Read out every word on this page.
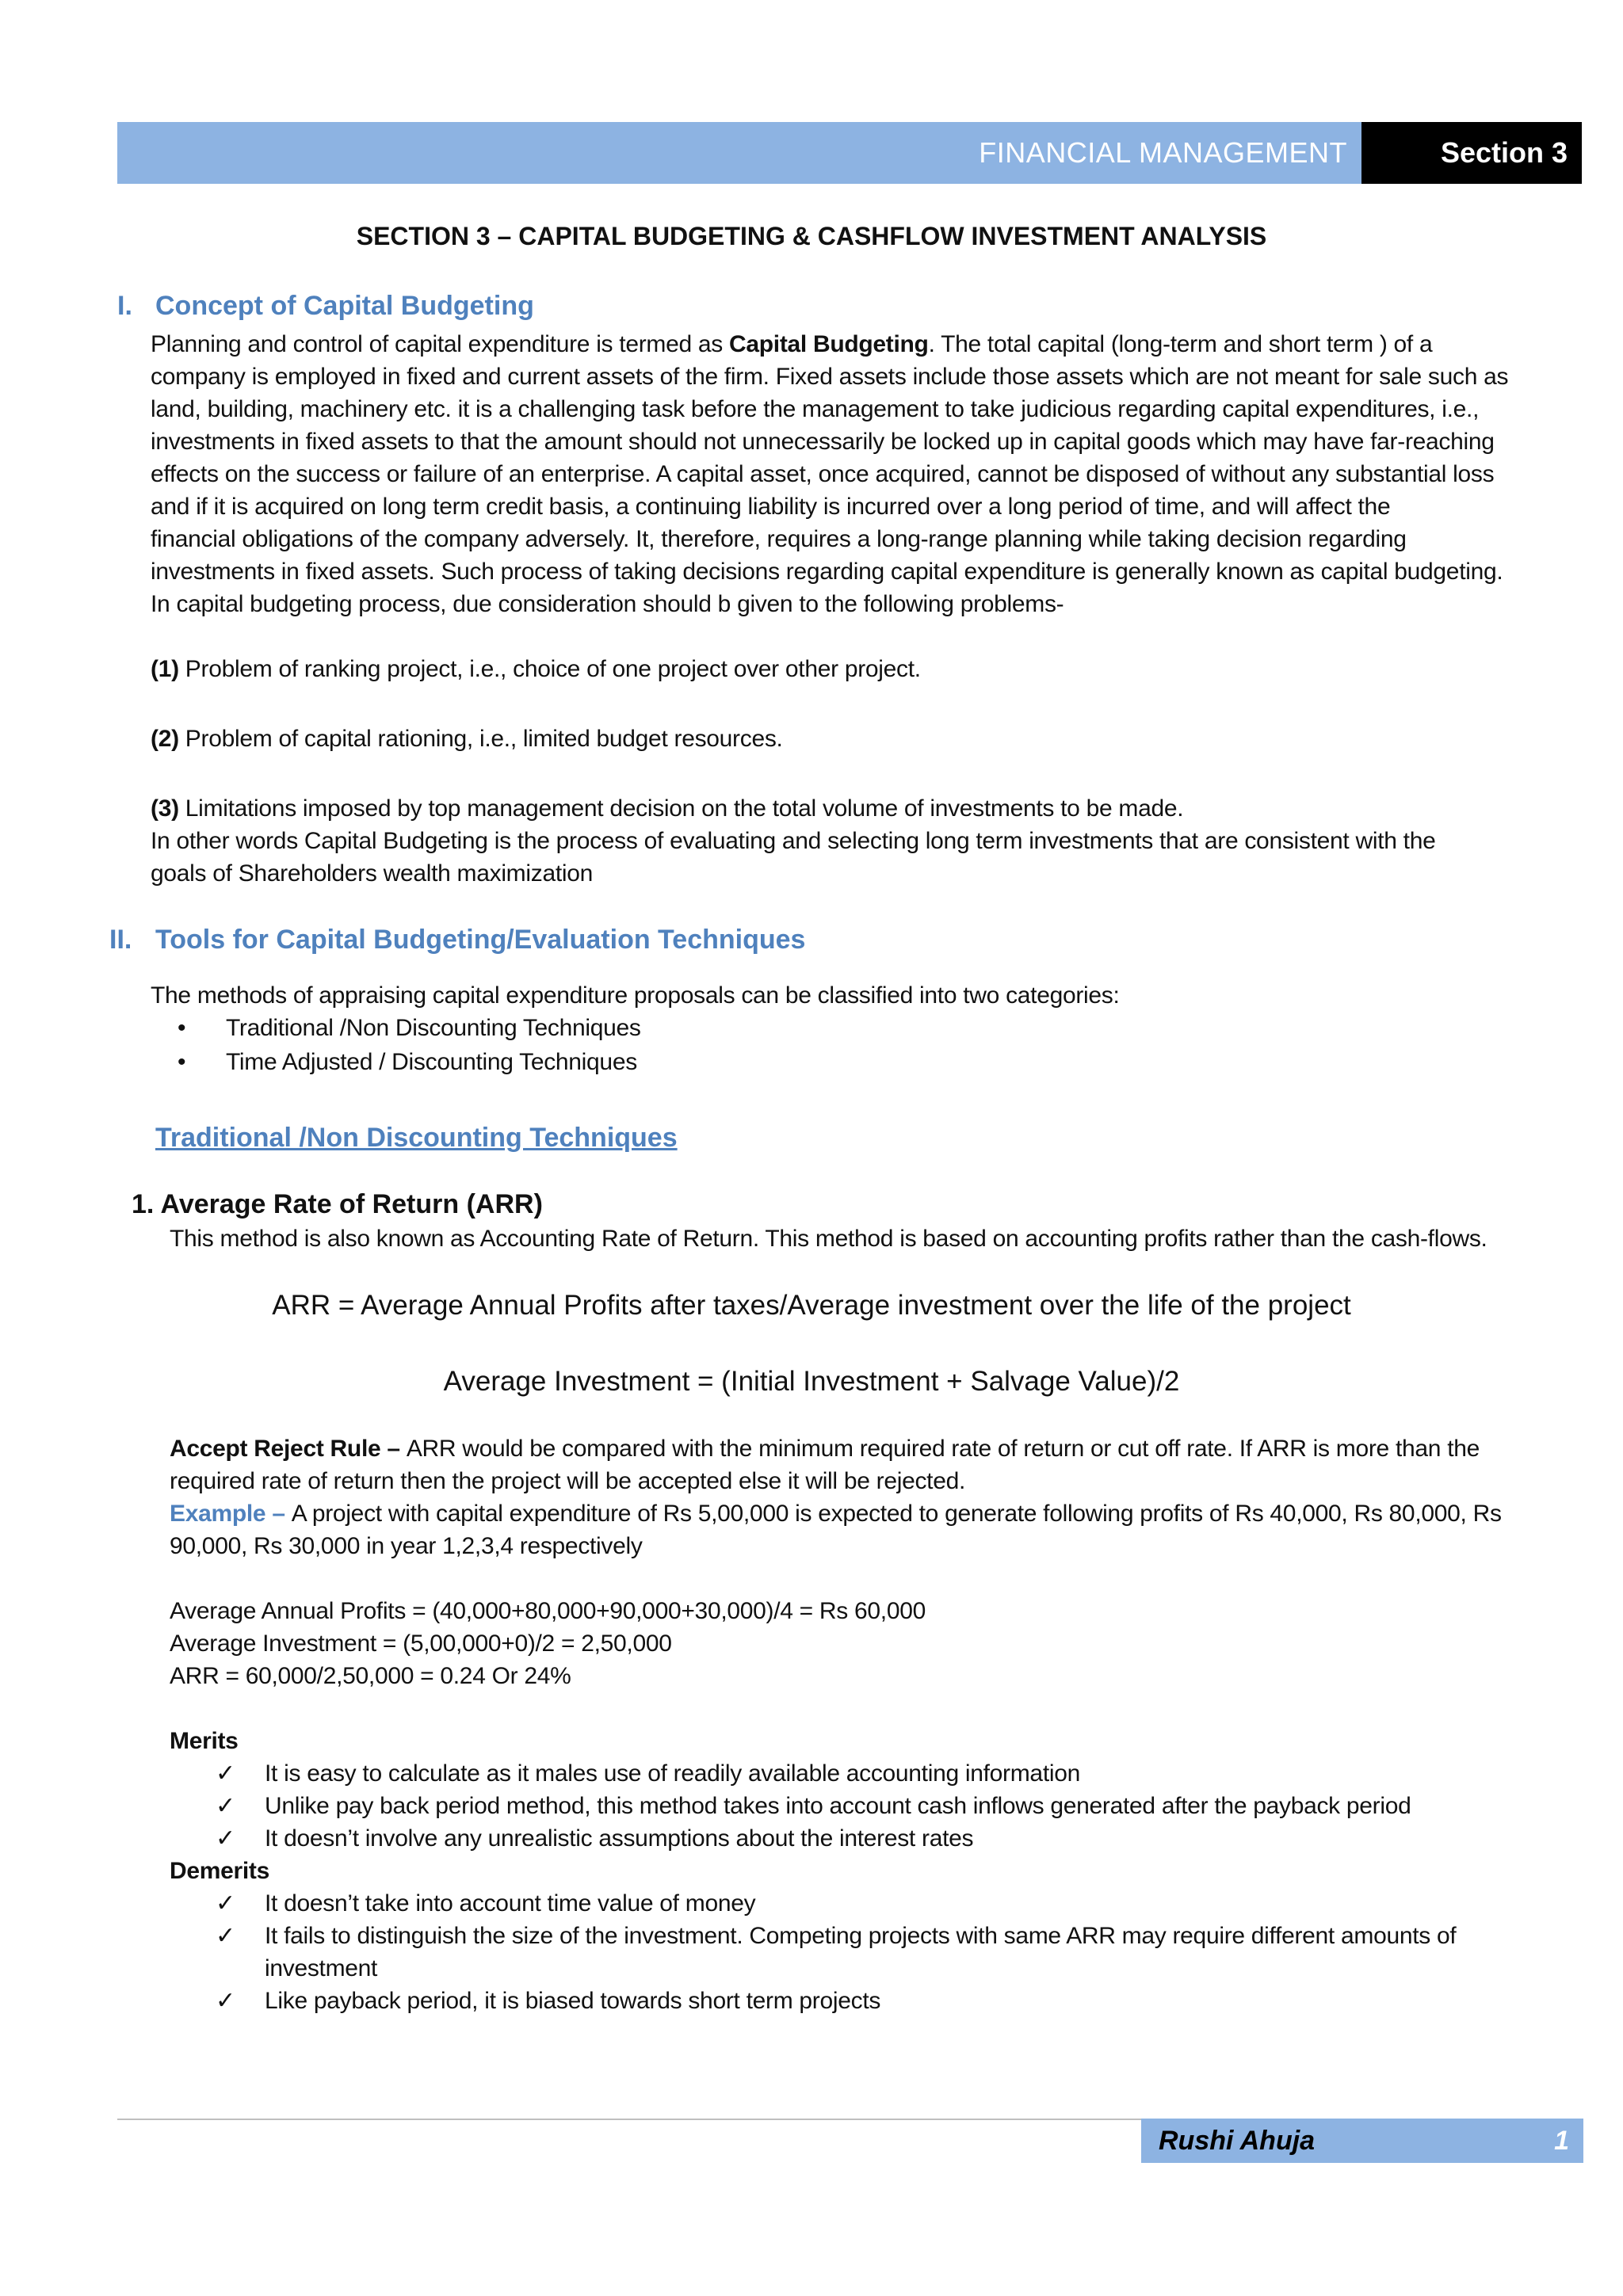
FINANCIAL MANAGEMENT	Section 3
SECTION 3 – CAPITAL BUDGETING & CASHFLOW INVESTMENT ANALYSIS
I. Concept of Capital Budgeting
Planning and control of capital expenditure is termed as Capital Budgeting. The total capital (long-term and short term ) of a
company is employed in fixed and current assets of the firm. Fixed assets include those assets which are not meant for sale such as
land, building, machinery etc. it is a challenging task before the management to take judicious regarding capital expenditures, i.e.,
investments in fixed assets to that the amount should not unnecessarily be locked up in capital goods which may have far-reaching
effects on the success or failure of an enterprise. A capital asset, once acquired, cannot be disposed of without any substantial loss
and if it is acquired on long term credit basis, a continuing liability is incurred over a long period of time, and will affect the
financial obligations of the company adversely. It, therefore, requires a long-range planning while taking decision regarding
investments in fixed assets. Such process of taking decisions regarding capital expenditure is generally known as capital budgeting.
In capital budgeting process, due consideration should b given to the following problems-
(1) Problem of ranking project, i.e., choice of one project over other project.
(2) Problem of capital rationing, i.e., limited budget resources.
(3) Limitations imposed by top management decision on the total volume of investments to be made.
In other words Capital Budgeting is the process of evaluating and selecting long term investments that are consistent with the
goals of Shareholders wealth maximization
II. Tools for Capital Budgeting/Evaluation Techniques
The methods of appraising capital expenditure proposals can be classified into two categories:
• Traditional /Non Discounting Techniques
• Time Adjusted / Discounting Techniques
Traditional /Non Discounting Techniques
1. Average Rate of Return (ARR)
This method is also known as Accounting Rate of Return. This method is based on accounting profits rather than the cash-flows.
ARR = Average Annual Profits after taxes/Average investment over the life of the project
Average Investment = (Initial Investment + Salvage Value)/2
Accept Reject Rule – ARR would be compared with the minimum required rate of return or cut off rate. If ARR is more than the
required rate of return then the project will be accepted else it will be rejected.
Example – A project with capital expenditure of Rs 5,00,000 is expected to generate following profits of Rs 40,000, Rs 80,000, Rs
90,000, Rs 30,000 in year 1,2,3,4 respectively
Average Annual Profits = (40,000+80,000+90,000+30,000)/4 = Rs 60,000
Average Investment = (5,00,000+0)/2 = 2,50,000
ARR = 60,000/2,50,000 = 0.24 Or 24%
Merits
✓ It is easy to calculate as it males use of readily available accounting information
✓ Unlike pay back period method, this method takes into account cash inflows generated after the payback period
✓ It doesn’t involve any unrealistic assumptions about the interest rates
Demerits
✓ It doesn’t take into account time value of money
✓ It fails to distinguish the size of the investment. Competing projects with same ARR may require different amounts of
investment
✓ Like payback period, it is biased towards short term projects
Rushi Ahuja	1
